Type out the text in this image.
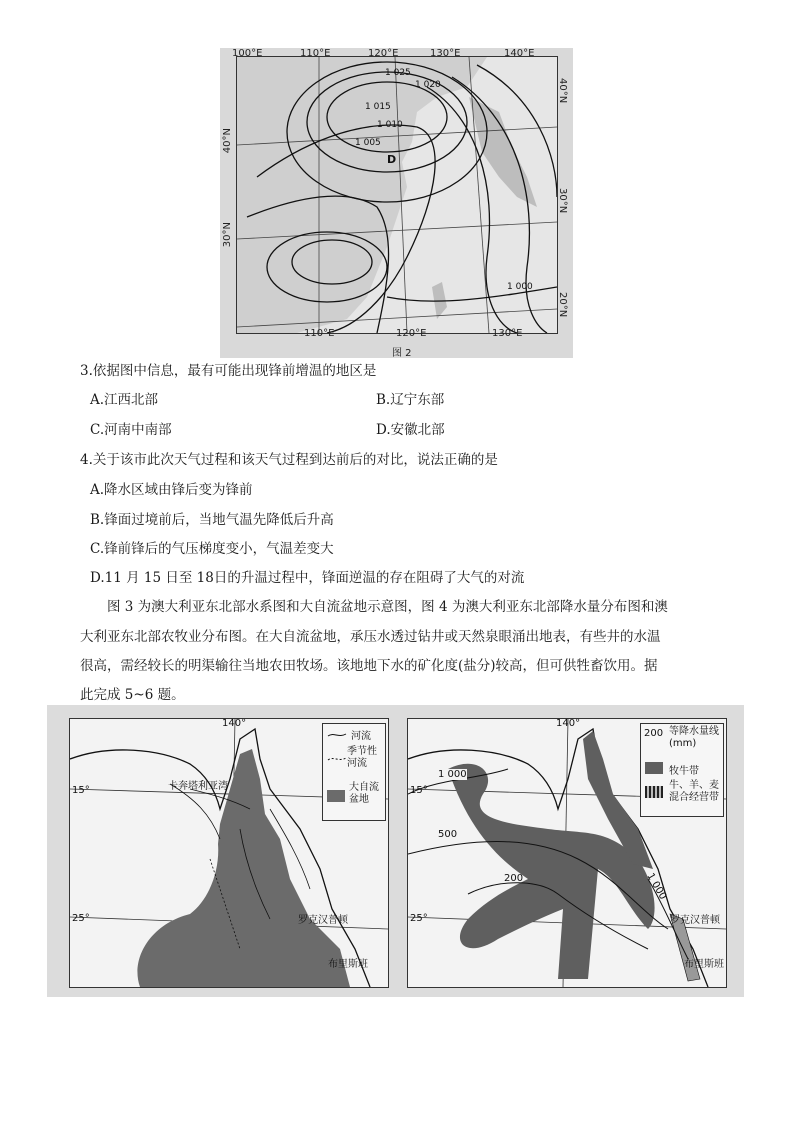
1 025
1 020
1 015
1 010
1 005
1 000
D
100°E	110°E	120°E	130°E	140°E
110°E	120°E	130°E
40°N
30°N
40°N
30°N
20°N
图 2
3.依据图中信息，最有可能出现锋前增温的地区是
A.江西北部	B.辽宁东部
C.河南中南部	D.安徽北部
4.关于该市此次天气过程和该天气过程到达前后的对比，说法正确的是
A.降水区域由锋后变为锋前
B.锋面过境前后，当地气温先降低后升高
C.锋前锋后的气压梯度变小，气温差变大
D.11 月 15 日至 18日的升温过程中，锋面逆温的存在阻碍了大气的对流
图 3 为澳大利亚东北部水系图和大自流盆地示意图，图 4 为澳大利亚东北部降水量分布图和澳
大利亚东北部农牧业分布图。在大自流盆地，承压水透过钻井或天然泉眼涌出地表，有些井的水温
很高，需经较长的明渠输往当地农田牧场。该地地下水的矿化度(盐分)较高，但可供牲畜饮用。据
此完成 5~6 题。
卡奔塔利亚湾
140°
15°
25°	罗克汉普顿
布里斯班
河流
季节性河流
大自流盆地
1 000
500
200	1 000
140°
15°
25°	罗克汉普顿
布里斯班
200 等降水量线(mm)
牧牛带
牛、羊、麦混合经营带
